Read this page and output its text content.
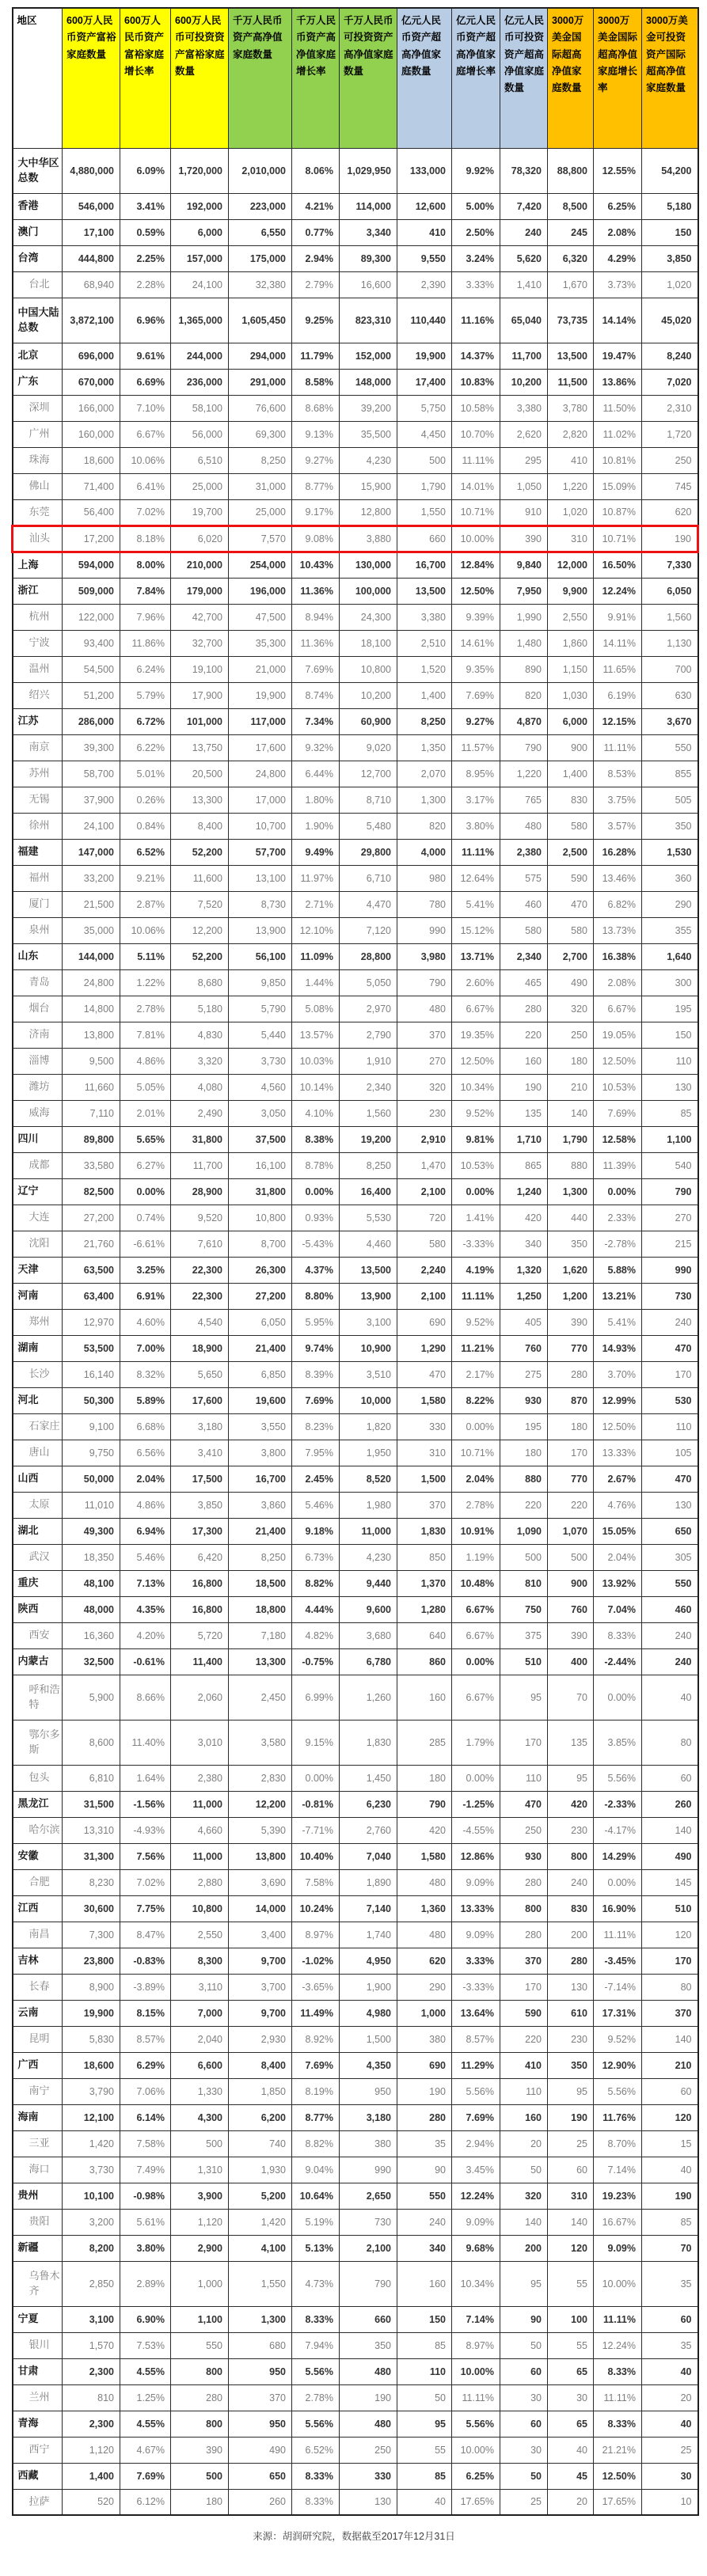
地区	600万人民币资产富裕家庭数量	600万人民币资产富裕家庭增长率	600万人民币可投资资产富裕家庭数量	千万人民币资产高净值家庭数量	千万人民币资产高净值家庭增长率	千万人民币可投资资产高净值家庭数量	亿元人民币资产超高净值家庭数量	亿元人民币资产超高净值家庭增长率	亿元人民币可投资资产超高净值家庭数量	3000万美金国际超高净值家庭数量	3000万美金国际超高净值家庭增长率	3000万美金可投资资产国际超高净值家庭数量
大中华区总数	4,880,000	6.09%	1,720,000	2,010,000	8.06%	1,029,950	133,000	9.92%	78,320	88,800	12.55%	54,200
香港	546,000	3.41%	192,000	223,000	4.21%	114,000	12,600	5.00%	7,420	8,500	6.25%	5,180
澳门	17,100	0.59%	6,000	6,550	0.77%	3,340	410	2.50%	240	245	2.08%	150
台湾	444,800	2.25%	157,000	175,000	2.94%	89,300	9,550	3.24%	5,620	6,320	4.29%	3,850
台北	68,940	2.28%	24,100	32,380	2.79%	16,600	2,390	3.33%	1,410	1,670	3.73%	1,020
中国大陆总数	3,872,100	6.96%	1,365,000	1,605,450	9.25%	823,310	110,440	11.16%	65,040	73,735	14.14%	45,020
北京	696,000	9.61%	244,000	294,000	11.79%	152,000	19,900	14.37%	11,700	13,500	19.47%	8,240
广东	670,000	6.69%	236,000	291,000	8.58%	148,000	17,400	10.83%	10,200	11,500	13.86%	7,020
深圳	166,000	7.10%	58,100	76,600	8.68%	39,200	5,750	10.58%	3,380	3,780	11.50%	2,310
广州	160,000	6.67%	56,000	69,300	9.13%	35,500	4,450	10.70%	2,620	2,820	11.02%	1,720
珠海	18,600	10.06%	6,510	8,250	9.27%	4,230	500	11.11%	295	410	10.81%	250
佛山	71,400	6.41%	25,000	31,000	8.77%	15,900	1,790	14.01%	1,050	1,220	15.09%	745
东莞	56,400	7.02%	19,700	25,000	9.17%	12,800	1,550	10.71%	910	1,020	10.87%	620
汕头	17,200	8.18%	6,020	7,570	9.08%	3,880	660	10.00%	390	310	10.71%	190
上海	594,000	8.00%	210,000	254,000	10.43%	130,000	16,700	12.84%	9,840	12,000	16.50%	7,330
浙江	509,000	7.84%	179,000	196,000	11.36%	100,000	13,500	12.50%	7,950	9,900	12.24%	6,050
杭州	122,000	7.96%	42,700	47,500	8.94%	24,300	3,380	9.39%	1,990	2,550	9.91%	1,560
宁波	93,400	11.86%	32,700	35,300	11.36%	18,100	2,510	14.61%	1,480	1,860	14.11%	1,130
温州	54,500	6.24%	19,100	21,000	7.69%	10,800	1,520	9.35%	890	1,150	11.65%	700
绍兴	51,200	5.79%	17,900	19,900	8.74%	10,200	1,400	7.69%	820	1,030	6.19%	630
江苏	286,000	6.72%	101,000	117,000	7.34%	60,900	8,250	9.27%	4,870	6,000	12.15%	3,670
南京	39,300	6.22%	13,750	17,600	9.32%	9,020	1,350	11.57%	790	900	11.11%	550
苏州	58,700	5.01%	20,500	24,800	6.44%	12,700	2,070	8.95%	1,220	1,400	8.53%	855
无锡	37,900	0.26%	13,300	17,000	1.80%	8,710	1,300	3.17%	765	830	3.75%	505
徐州	24,100	0.84%	8,400	10,700	1.90%	5,480	820	3.80%	480	580	3.57%	350
福建	147,000	6.52%	52,200	57,700	9.49%	29,800	4,000	11.11%	2,380	2,500	16.28%	1,530
福州	33,200	9.21%	11,600	13,100	11.97%	6,710	980	12.64%	575	590	13.46%	360
厦门	21,500	2.87%	7,520	8,730	2.71%	4,470	780	5.41%	460	470	6.82%	290
泉州	35,000	10.06%	12,200	13,900	12.10%	7,120	990	15.12%	580	580	13.73%	355
山东	144,000	5.11%	52,200	56,100	11.09%	28,800	3,980	13.71%	2,340	2,700	16.38%	1,640
青岛	24,800	1.22%	8,680	9,850	1.44%	5,050	790	2.60%	465	490	2.08%	300
烟台	14,800	2.78%	5,180	5,790	5.08%	2,970	480	6.67%	280	320	6.67%	195
济南	13,800	7.81%	4,830	5,440	13.57%	2,790	370	19.35%	220	250	19.05%	150
淄博	9,500	4.86%	3,320	3,730	10.03%	1,910	270	12.50%	160	180	12.50%	110
潍坊	11,660	5.05%	4,080	4,560	10.14%	2,340	320	10.34%	190	210	10.53%	130
威海	7,110	2.01%	2,490	3,050	4.10%	1,560	230	9.52%	135	140	7.69%	85
四川	89,800	5.65%	31,800	37,500	8.38%	19,200	2,910	9.81%	1,710	1,790	12.58%	1,100
成都	33,580	6.27%	11,700	16,100	8.78%	8,250	1,470	10.53%	865	880	11.39%	540
辽宁	82,500	0.00%	28,900	31,800	0.00%	16,400	2,100	0.00%	1,240	1,300	0.00%	790
大连	27,200	0.74%	9,520	10,800	0.93%	5,530	720	1.41%	420	440	2.33%	270
沈阳	21,760	-6.61%	7,610	8,700	-5.43%	4,460	580	-3.33%	340	350	-2.78%	215
天津	63,500	3.25%	22,300	26,300	4.37%	13,500	2,240	4.19%	1,320	1,620	5.88%	990
河南	63,400	6.91%	22,300	27,200	8.80%	13,900	2,100	11.11%	1,250	1,200	13.21%	730
郑州	12,970	4.60%	4,540	6,050	5.95%	3,100	690	9.52%	405	390	5.41%	240
湖南	53,500	7.00%	18,900	21,400	9.74%	10,900	1,290	11.21%	760	770	14.93%	470
长沙	16,140	8.32%	5,650	6,850	8.39%	3,510	470	2.17%	275	280	3.70%	170
河北	50,300	5.89%	17,600	19,600	7.69%	10,000	1,580	8.22%	930	870	12.99%	530
石家庄	9,100	6.68%	3,180	3,550	8.23%	1,820	330	0.00%	195	180	12.50%	110
唐山	9,750	6.56%	3,410	3,800	7.95%	1,950	310	10.71%	180	170	13.33%	105
山西	50,000	2.04%	17,500	16,700	2.45%	8,520	1,500	2.04%	880	770	2.67%	470
太原	11,010	4.86%	3,850	3,860	5.46%	1,980	370	2.78%	220	220	4.76%	130
湖北	49,300	6.94%	17,300	21,400	9.18%	11,000	1,830	10.91%	1,090	1,070	15.05%	650
武汉	18,350	5.46%	6,420	8,250	6.73%	4,230	850	1.19%	500	500	2.04%	305
重庆	48,100	7.13%	16,800	18,500	8.82%	9,440	1,370	10.48%	810	900	13.92%	550
陕西	48,000	4.35%	16,800	18,800	4.44%	9,600	1,280	6.67%	750	760	7.04%	460
西安	16,360	4.20%	5,720	7,180	4.82%	3,680	640	6.67%	375	390	8.33%	240
内蒙古	32,500	-0.61%	11,400	13,300	-0.75%	6,780	860	0.00%	510	400	-2.44%	240
呼和浩特	5,900	8.66%	2,060	2,450	6.99%	1,260	160	6.67%	95	70	0.00%	40
鄂尔多斯	8,600	11.40%	3,010	3,580	9.15%	1,830	285	1.79%	170	135	3.85%	80
包头	6,810	1.64%	2,380	2,830	0.00%	1,450	180	0.00%	110	95	5.56%	60
黑龙江	31,500	-1.56%	11,000	12,200	-0.81%	6,230	790	-1.25%	470	420	-2.33%	260
哈尔滨	13,310	-4.93%	4,660	5,390	-7.71%	2,760	420	-4.55%	250	230	-4.17%	140
安徽	31,300	7.56%	11,000	13,800	10.40%	7,040	1,580	12.86%	930	800	14.29%	490
合肥	8,230	7.02%	2,880	3,690	7.58%	1,890	480	9.09%	280	240	0.00%	145
江西	30,600	7.75%	10,800	14,000	10.24%	7,140	1,360	13.33%	800	830	16.90%	510
南昌	7,300	8.47%	2,550	3,400	8.97%	1,740	480	9.09%	280	200	11.11%	120
吉林	23,800	-0.83%	8,300	9,700	-1.02%	4,950	620	3.33%	370	280	-3.45%	170
长春	8,900	-3.89%	3,110	3,700	-3.65%	1,900	290	-3.33%	170	130	-7.14%	80
云南	19,900	8.15%	7,000	9,700	11.49%	4,980	1,000	13.64%	590	610	17.31%	370
昆明	5,830	8.57%	2,040	2,930	8.92%	1,500	380	8.57%	220	230	9.52%	140
广西	18,600	6.29%	6,600	8,400	7.69%	4,350	690	11.29%	410	350	12.90%	210
南宁	3,790	7.06%	1,330	1,850	8.19%	950	190	5.56%	110	95	5.56%	60
海南	12,100	6.14%	4,300	6,200	8.77%	3,180	280	7.69%	160	190	11.76%	120
三亚	1,420	7.58%	500	740	8.82%	380	35	2.94%	20	25	8.70%	15
海口	3,730	7.49%	1,310	1,930	9.04%	990	90	3.45%	50	60	7.14%	40
贵州	10,100	-0.98%	3,900	5,200	10.64%	2,650	550	12.24%	320	310	19.23%	190
贵阳	3,200	5.61%	1,120	1,420	5.19%	730	240	9.09%	140	140	16.67%	85
新疆	8,200	3.80%	2,900	4,100	5.13%	2,100	340	9.68%	200	120	9.09%	70
乌鲁木齐	2,850	2.89%	1,000	1,550	4.73%	790	160	10.34%	95	55	10.00%	35
宁夏	3,100	6.90%	1,100	1,300	8.33%	660	150	7.14%	90	100	11.11%	60
银川	1,570	7.53%	550	680	7.94%	350	85	8.97%	50	55	12.24%	35
甘肃	2,300	4.55%	800	950	5.56%	480	110	10.00%	60	65	8.33%	40
兰州	810	1.25%	280	370	2.78%	190	50	11.11%	30	30	11.11%	20
青海	2,300	4.55%	800	950	5.56%	480	95	5.56%	60	65	8.33%	40
西宁	1,120	4.67%	390	490	6.52%	250	55	10.00%	30	40	21.21%	25
西藏	1,400	7.69%	500	650	8.33%	330	85	6.25%	50	45	12.50%	30
拉萨	520	6.12%	180	260	8.33%	130	40	17.65%	25	20	17.65%	10
来源：胡润研究院，数据截至2017年12月31日
